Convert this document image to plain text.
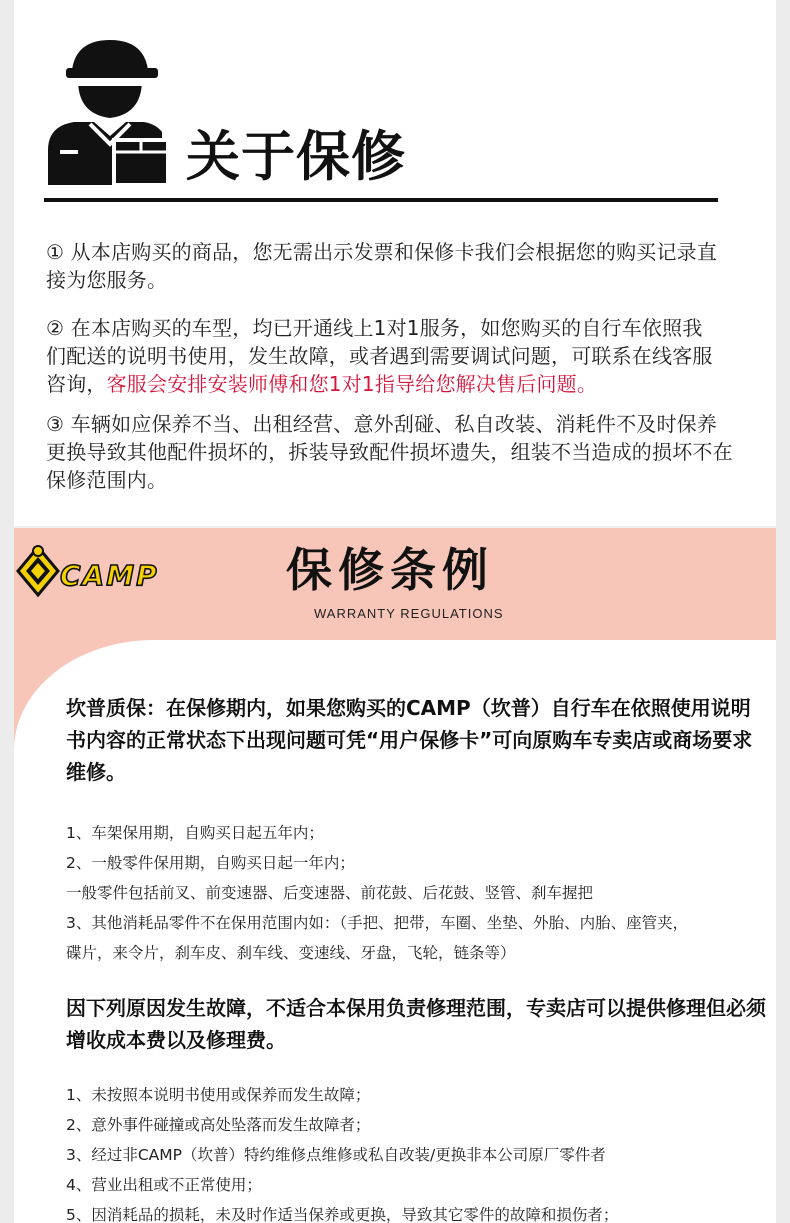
关于保修
① 从本店购买的商品，您无需出示发票和保修卡我们会根据您的购买记录直接为您服务。
② 在本店购买的车型，均已开通线上1对1服务，如您购买的自行车依照我
们配送的说明书使用，发生故障，或者遇到需要调试问题，可联系在线客服
咨询，客服会安排安装师傅和您1对1指导给您解决售后问题。
③ 车辆如应保养不当、出租经营、意外刮碰、私自改装、消耗件不及时保养更换导致其他配件损坏的，拆装导致配件损坏遗失，组装不当造成的损坏不在保修范围内。
CAMP	保修条例
WARRANTY REGULATIONS
坎普质保：在保修期内，如果您购买的CAMP（坎普）自行车在依照使用说明书内容的正常状态下出现问题可凭“用户保修卡”可向原购车专卖店或商场要求维修。
1、车架保用期，自购买日起五年内；
2、一般零件保用期，自购买日起一年内；
一般零件包括前叉、前变速器、后变速器、前花鼓、后花鼓、竖管、刹车握把
3、其他消耗品零件不在保用范围内如：（手把、把带，车圈、坐垫、外胎、内胎、座管夹，
碟片，来令片，刹车皮、刹车线、变速线、牙盘，飞轮，链条等）
因下列原因发生故障，不适合本保用负责修理范围，专卖店可以提供修理但必须增收成本费以及修理费。
1、未按照本说明书使用或保养而发生故障；
2、意外事件碰撞或高处坠落而发生故障者；
3、经过非CAMP（坎普）特约维修点维修或私自改装/更换非本公司原厂零件者
4、营业出租或不正常使用；
5、因消耗品的损耗，未及时作适当保养或更换，导致其它零件的故障和损伤者；
